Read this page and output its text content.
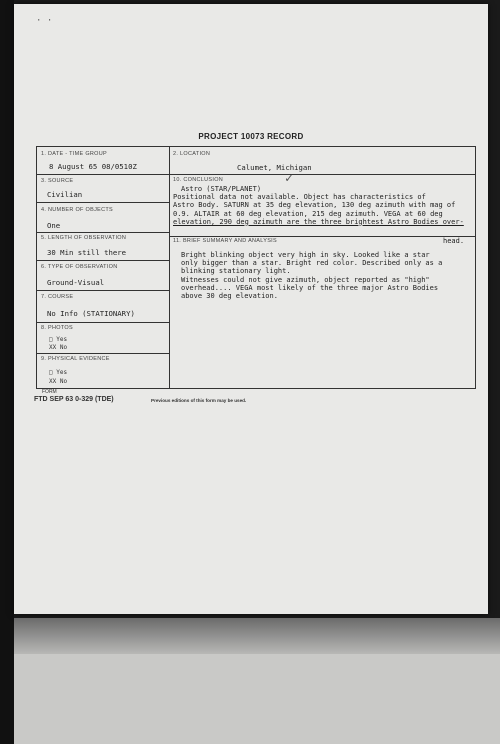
· ·
PROJECT 10073 RECORD
1. DATE - TIME GROUP
8 August 65 08/0510Z
3. SOURCE
Civilian
4. NUMBER OF OBJECTS
One
5. LENGTH OF OBSERVATION
30 Min still there
6. TYPE OF OBSERVATION
Ground-Visual
7. COURSE
No Info (STATIONARY)
8. PHOTOS
□ Yes
XX No
9. PHYSICAL EVIDENCE
□ Yes
XX No
2. LOCATION
Calumet, Michigan
10. CONCLUSION	✓
Astro (STAR/PLANET)
Positional data not available. Object has characteristics of
Astro Body. SATURN at 35 deg elevation, 130 deg azimuth with mag of
0.9. ALTAIR at 60 deg elevation, 215 deg azimuth. VEGA at 60 deg
elevation, 290 deg azimuth are the three brightest Astro Bodies over-
11. BRIEF SUMMARY AND ANALYSIS	head.
Bright blinking object very high in sky. Looked like a star
only bigger than a star. Bright red color. Described only as a
blinking stationary light.
Witnesses could not give azimuth, object reported as "high"
overhead.... VEGA most likely of the three major Astro Bodies
above 30 deg elevation.
FORM
FTD SEP 63 0-329 (TDE)	Previous editions of this form may be used.
